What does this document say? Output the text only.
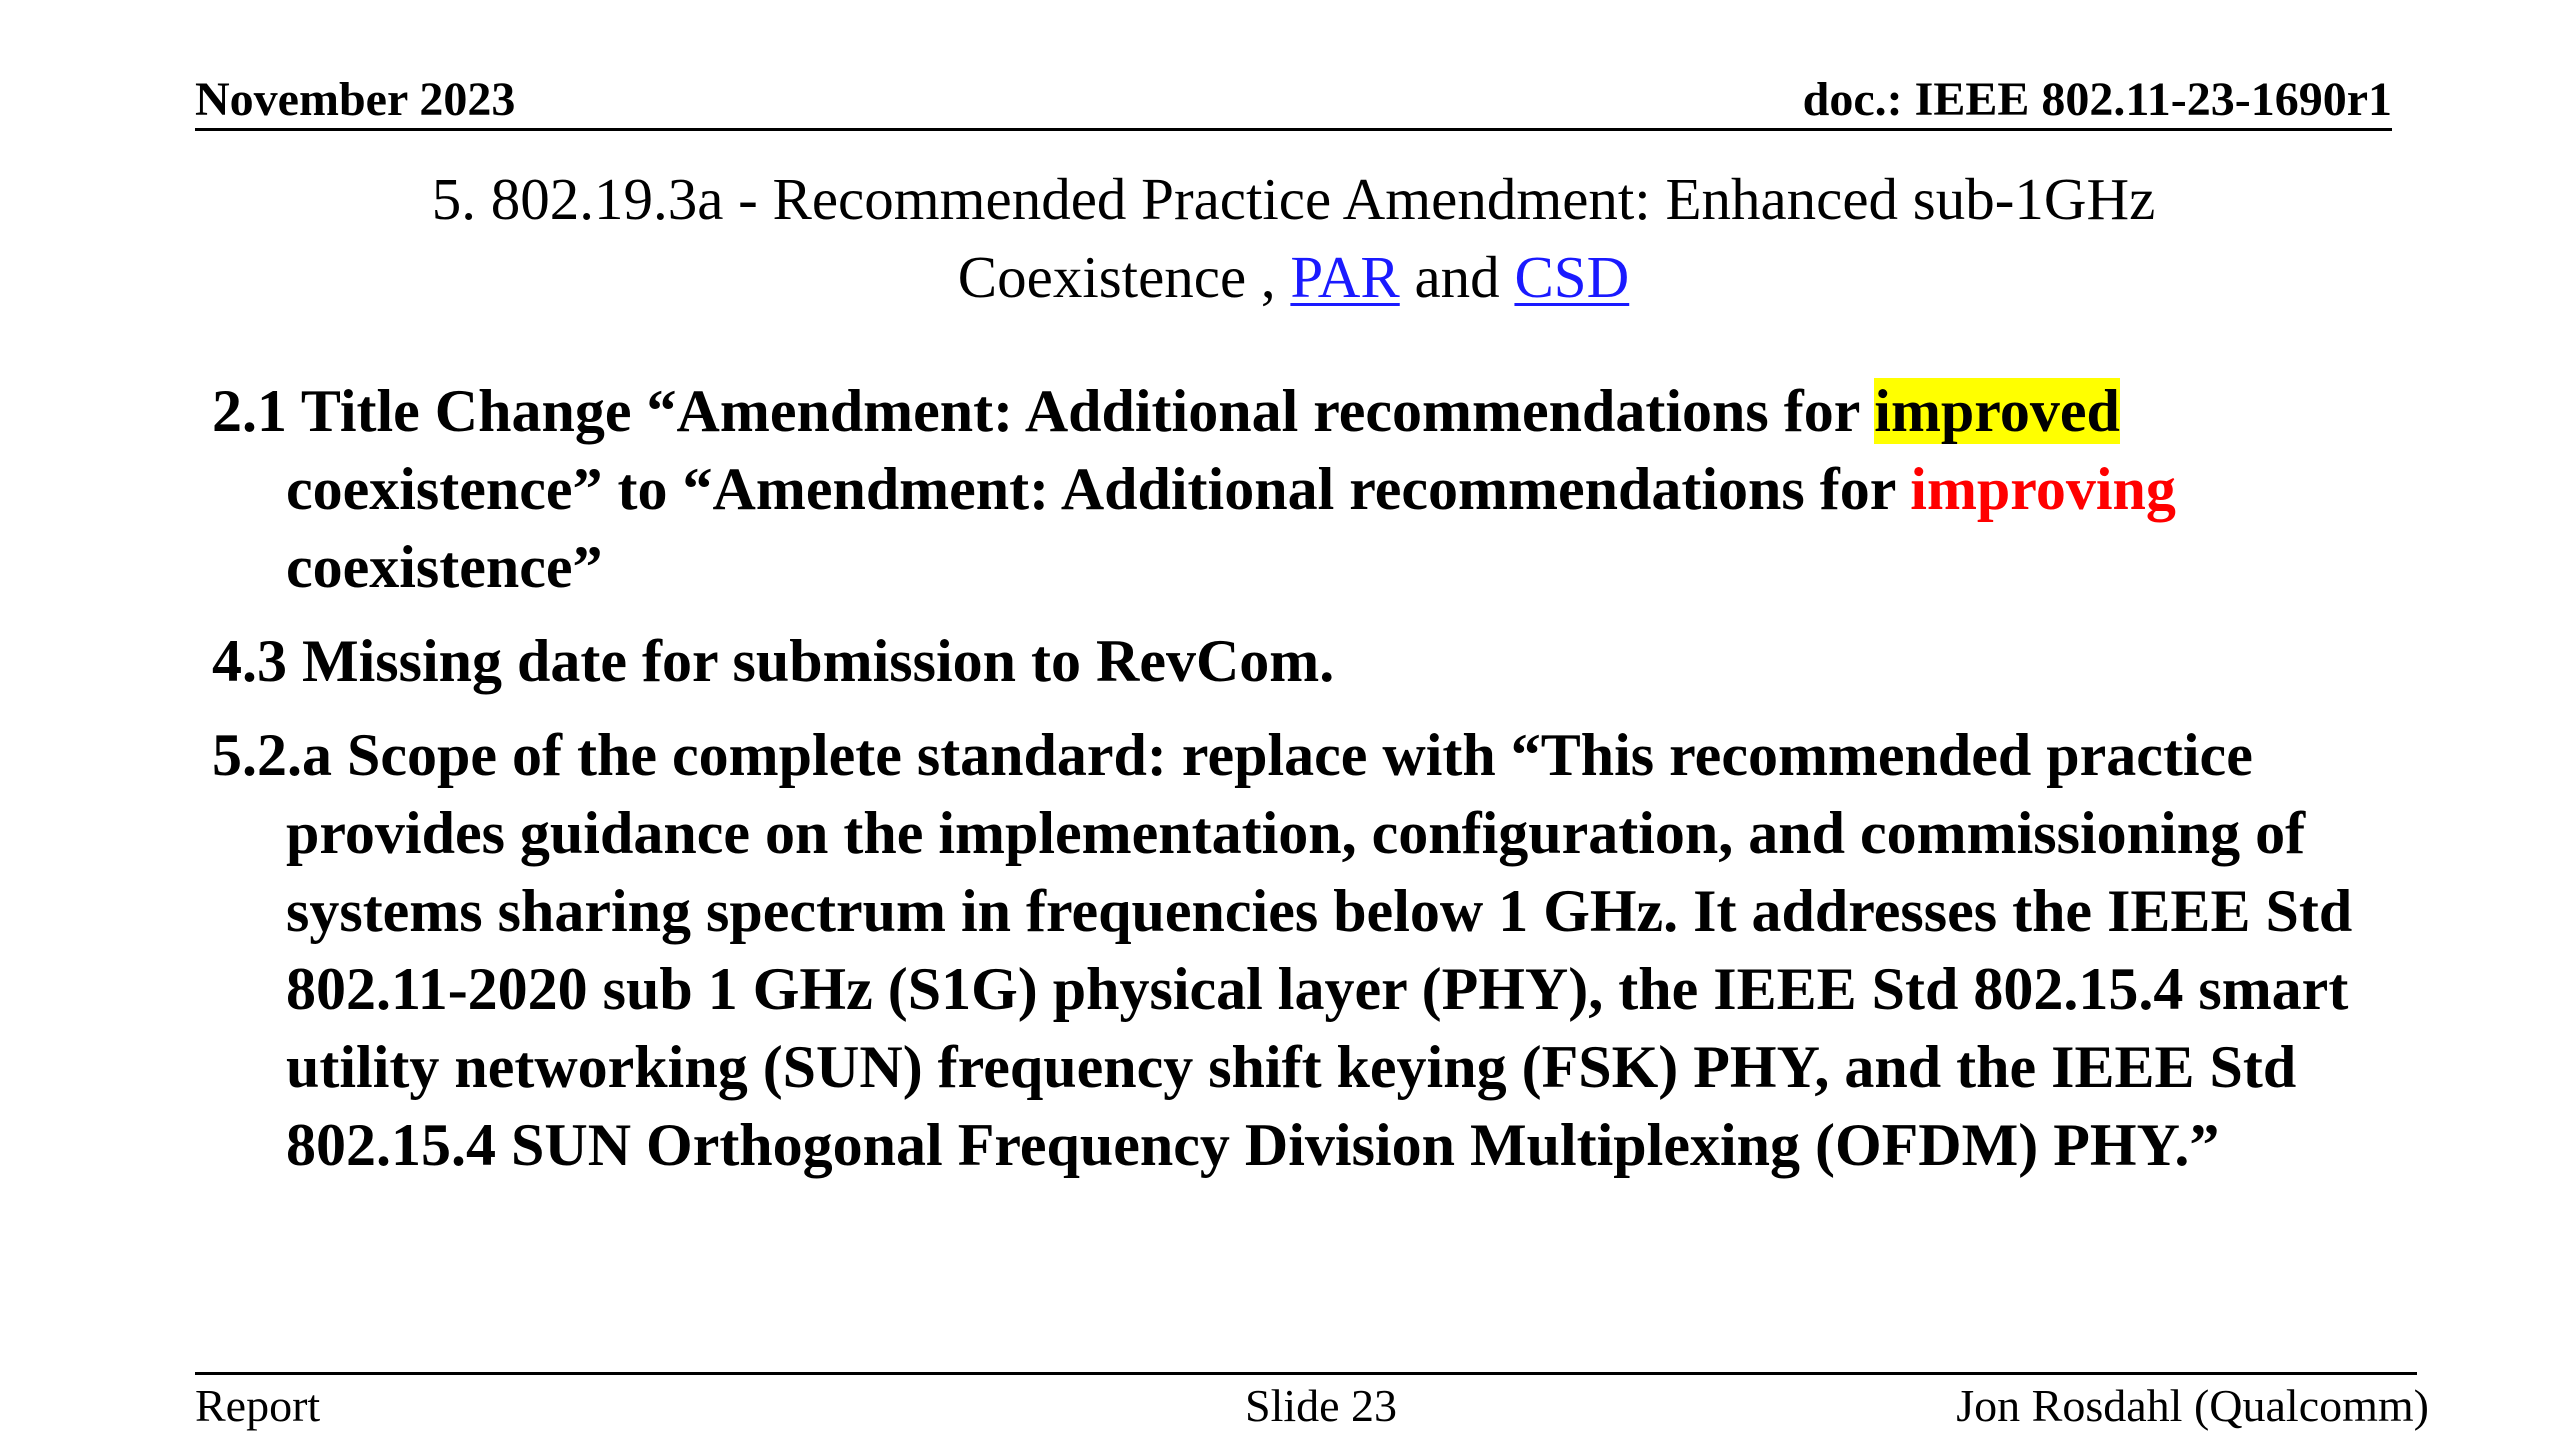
November 2023	doc.: IEEE 802.11-23-1690r1
5. 802.19.3a - Recommended Practice Amendment: Enhanced sub-1GHz
Coexistence , PAR and CSD
2.1 Title Change “Amendment: Additional recommendations for improved coexistence” to “Amendment: Additional recommendations for improving coexistence”
4.3 Missing date for submission to RevCom.
5.2.a Scope of the complete standard: replace with “This recommended practice provides guidance on the implementation, configuration, and commissioning of systems sharing spectrum in frequencies below 1 GHz. It addresses the IEEE Std 802.11-2020 sub 1 GHz (S1G) physical layer (PHY), the IEEE Std 802.15.4 smart utility networking (SUN) frequency shift keying (FSK) PHY, and the IEEE Std 802.15.4 SUN Orthogonal Frequency Division Multiplexing (OFDM) PHY.”
Report	Slide 23	Jon Rosdahl (Qualcomm)
